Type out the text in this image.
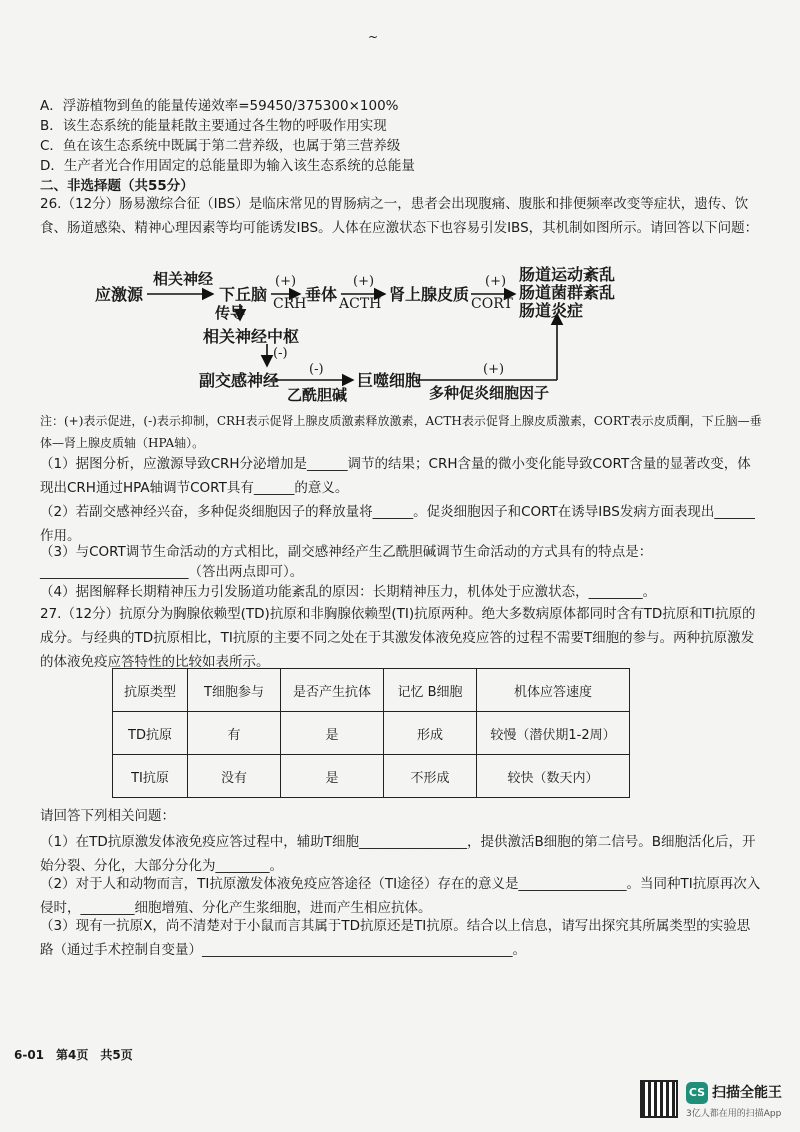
~
A．浮游植物到鱼的能量传递效率=59450/375300×100%
B．该生态系统的能量耗散主要通过各生物的呼吸作用实现
C．鱼在该生态系统中既属于第二营养级，也属于第三营养级
D．生产者光合作用固定的总能量即为输入该生态系统的总能量
二、非选择题（共55分）
26.（12分）肠易激综合征（IBS）是临床常见的胃肠病之一，患者会出现腹痛、腹胀和排便频率改变等症状，遗传、饮食、肠道感染、精神心理因素等均可能诱发IBS。人体在应激状态下也容易引发IBS，其机制如图所示。请回答以下问题：
应激源
相关神经
下丘脑
(+)
CRH
垂体
(+)
ACTH 肾上腺皮质
(+)
CORT
肠道运动紊乱
肠道菌群紊乱
肠道炎症
传导
相关神经中枢
(-)
副交感神经
(-)
乙酰胆碱
巨噬细胞
(+)
多种促炎细胞因子
注：(+)表示促进，(-)表示抑制，CRH表示促肾上腺皮质激素释放激素，ACTH表示促肾上腺皮质激素，CORT表示皮质酮，下丘脑—垂体—肾上腺皮质轴（HPA轴）。
（1）据图分析，应激源导致CRH分泌增加是______调节的结果；CRH含量的微小变化能导致CORT含量的显著改变，体现出CRH通过HPA轴调节CORT具有______的意义。
（2）若副交感神经兴奋，多种促炎细胞因子的释放量将______。促炎细胞因子和CORT在诱导IBS发病方面表现出______作用。
（3）与CORT调节生命活动的方式相比，副交感神经产生乙酰胆碱调节生命活动的方式具有的特点是：
______________________（答出两点即可）。
（4）据图解释长期精神压力引发肠道功能紊乱的原因：长期精神压力，机体处于应激状态，________。
27.（12分）抗原分为胸腺依赖型(TD)抗原和非胸腺依赖型(TI)抗原两种。绝大多数病原体都同时含有TD抗原和TI抗原的成分。与经典的TD抗原相比，TI抗原的主要不同之处在于其激发体液免疫应答的过程不需要T细胞的参与。两种抗原激发的体液免疫应答特性的比较如表所示。
抗原类型	T细胞参与	是否产生抗体	记忆 B细胞	机体应答速度
TD抗原	有	是	形成	较慢（潜伏期1-2周）
TI抗原	没有	是	不形成	较快（数天内）
请回答下列相关问题：
（1）在TD抗原激发体液免疫应答过程中，辅助T细胞________________，提供激活B细胞的第二信号。B细胞活化后，开始分裂、分化，大部分分化为________。
（2）对于人和动物而言，TI抗原激发体液免疫应答途径（TI途径）存在的意义是________________。当同种TI抗原再次入侵时，________细胞增殖、分化产生浆细胞，进而产生相应抗体。
（3）现有一抗原X，尚不清楚对于小鼠而言其属于TD抗原还是TI抗原。结合以上信息，请写出探究其所属类型的实验思路（通过手术控制自变量）______________________________________________。
6-01　第4页　共5页
CS 扫描全能王
3亿人都在用的扫描App
